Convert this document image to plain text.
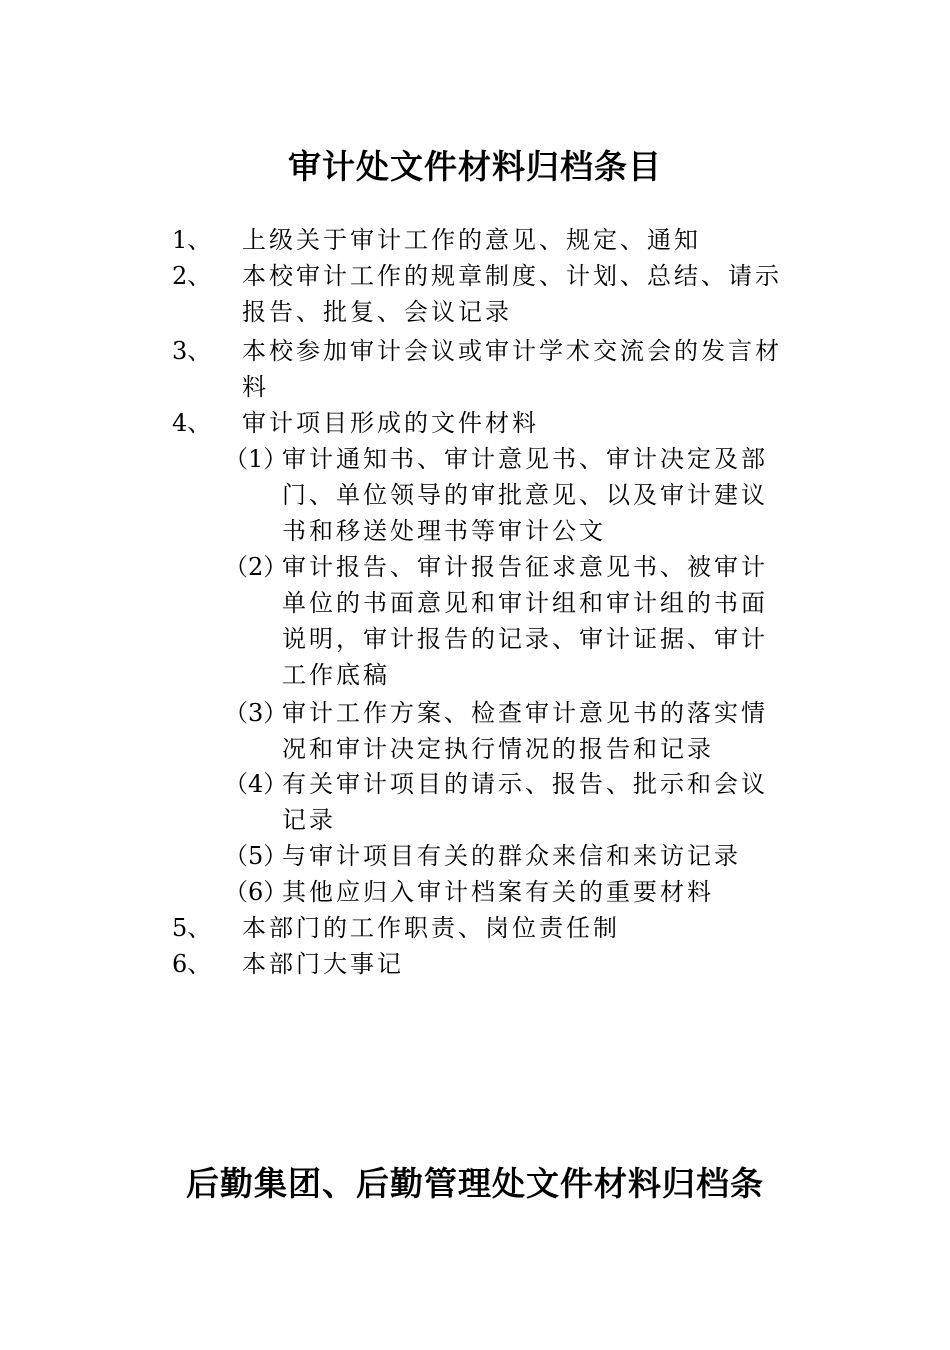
审计处文件材料归档条目
1、 上级关于审计工作的意见、规定、通知
2、 本校审计工作的规章制度、计划、总结、请示报告、批复、会议记录
3、 本校参加审计会议或审计学术交流会的发言材料
4、 审计项目形成的文件材料
（1）
审计通知书、审计意见书、审计决定及部门、单位领导的审批意见、以及审计建议书和移送处理书等审计公文
（2）
审计报告、审计报告征求意见书、被审计单位的书面意见和审计组和审计组的书面说明，审计报告的记录、审计证据、审计工作底稿
（3）
审计工作方案、检查审计意见书的落实情况和审计决定执行情况的报告和记录
（4）
有关审计项目的请示、报告、批示和会议记录
（5）
与审计项目有关的群众来信和来访记录
（6）
其他应归入审计档案有关的重要材料
5、 本部门的工作职责、岗位责任制
6、 本部门大事记
后勤集团、后勤管理处文件材料归档条
